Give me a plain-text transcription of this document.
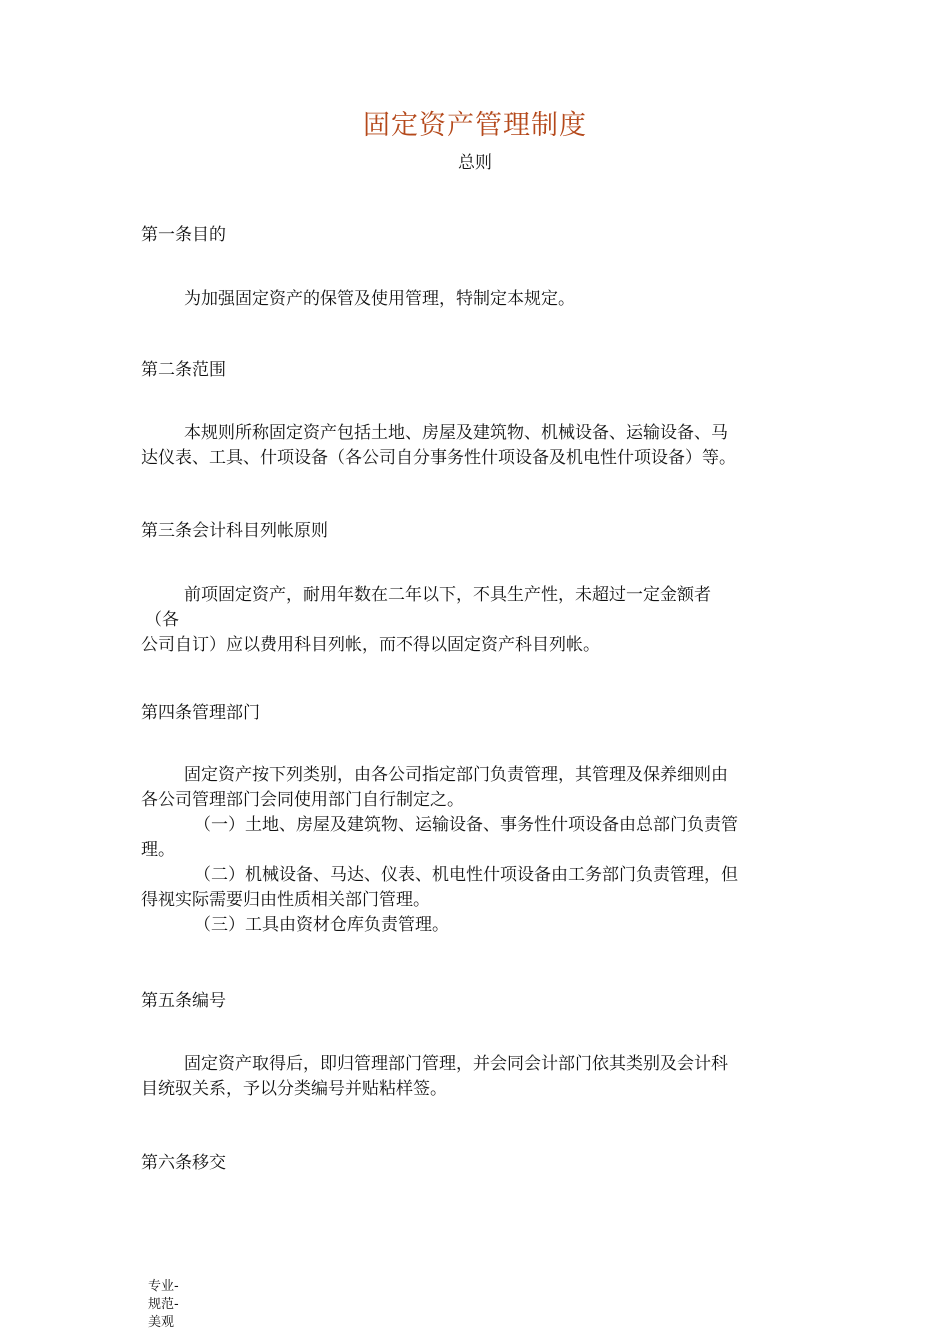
固定资产管理制度
总则
第一条目的
为加强固定资产的保管及使用管理，特制定本规定。
第二条范围
本规则所称固定资产包括土地、房屋及建筑物、机械设备、运输设备、马
达仪表、工具、什项设备（各公司自分事务性什项设备及机电性什项设备）等。
第三条会计科目列帐原则
前项固定资产，耐用年数在二年以下，不具生产性，未超过一定金额者
（各
公司自订）应以费用科目列帐，而不得以固定资产科目列帐。
第四条管理部门
固定资产按下列类别，由各公司指定部门负责管理，其管理及保养细则由
各公司管理部门会同使用部门自行制定之。
（一）土地、房屋及建筑物、运输设备、事务性什项设备由总部门负责管
理。
（二）机械设备、马达、仪表、机电性什项设备由工务部门负责管理，但
得视实际需要归由性质相关部门管理。
（三）工具由资材仓库负责管理。
第五条编号
固定资产取得后，即归管理部门管理，并会同会计部门依其类别及会计科
目统驭关系，予以分类编号并贴粘样签。
第六条移交
专业-
规范-
美观
